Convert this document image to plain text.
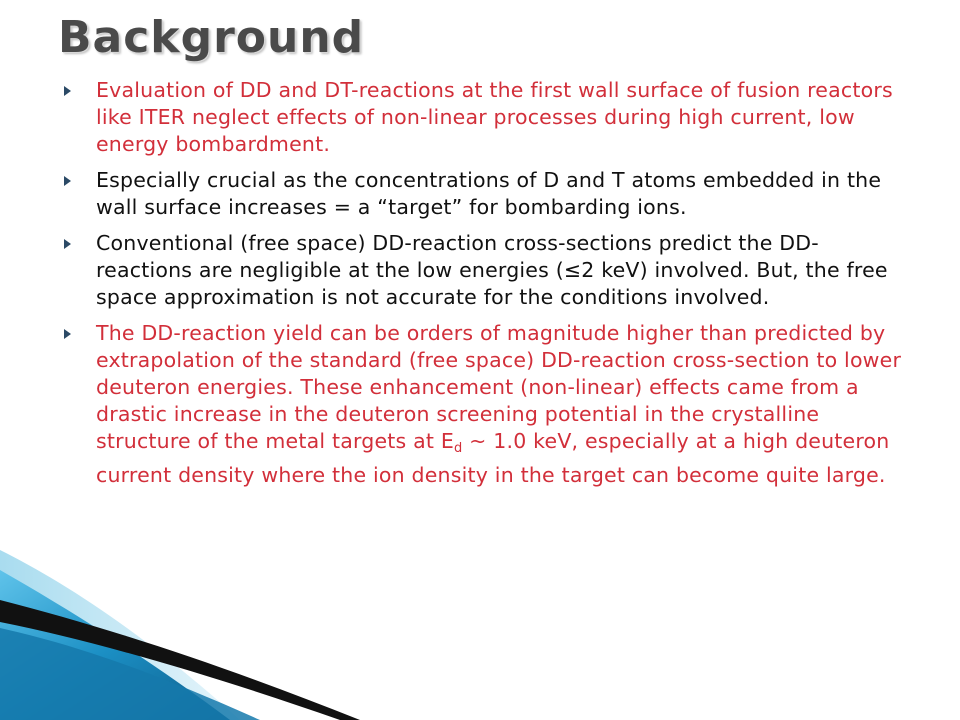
Background
Evaluation of DD and DT-reactions at the first wall surface of fusion reactors like ITER neglect effects of non-linear processes during high current, low energy bombardment.
Especially crucial as the concentrations of D and T atoms embedded in the wall surface increases = a “target” for bombarding ions.
Conventional (free space) DD-reaction cross-sections predict the DD-reactions are negligible at the low energies (≤2 keV) involved. But, the free space approximation is not accurate for the conditions involved.
The DD-reaction yield can be orders of magnitude higher than predicted by extrapolation of the standard (free space) DD-reaction cross-section to lower deuteron energies. These enhancement (non-linear) effects came from a drastic increase in the deuteron screening potential in the crystalline structure of the metal targets at $E_d$ ~ 1.0 keV, especially at a high deuteron current density where the ion density in the target can become quite large.
